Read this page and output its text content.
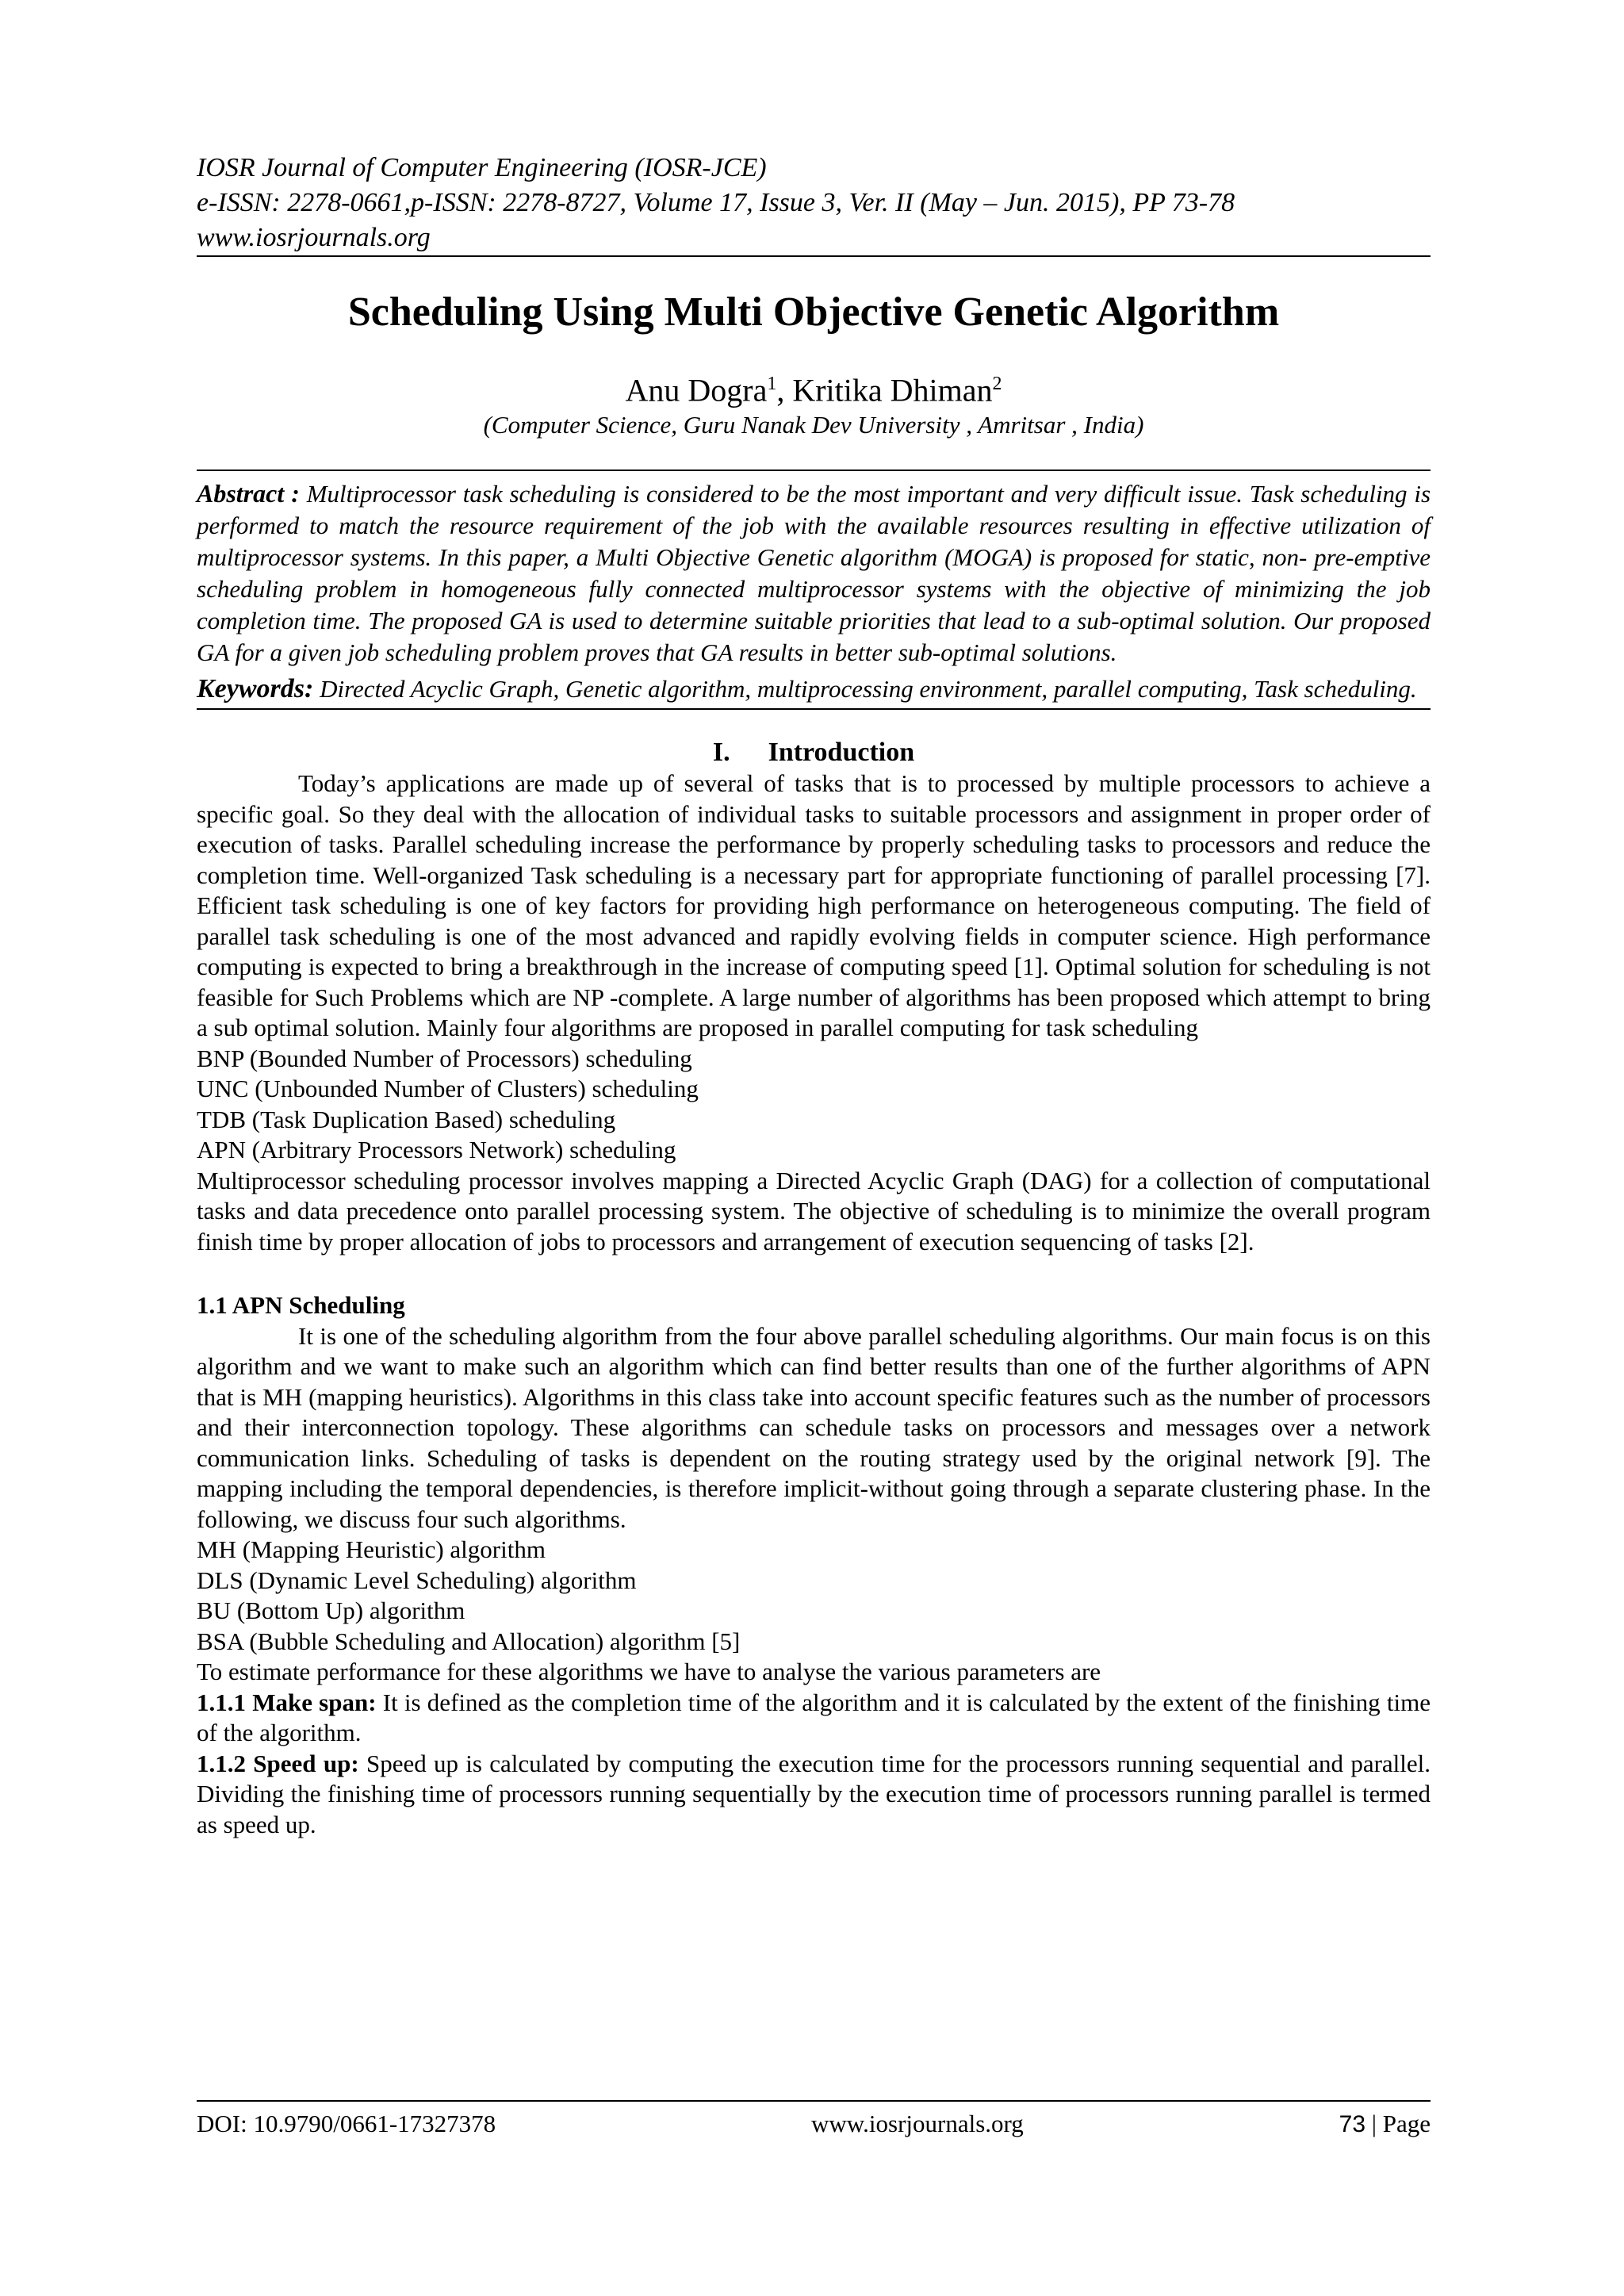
IOSR Journal of Computer Engineering (IOSR-JCE)
e-ISSN: 2278-0661,p-ISSN: 2278-8727, Volume 17, Issue 3, Ver. II (May – Jun. 2015), PP 73-78
www.iosrjournals.org
Scheduling Using Multi Objective Genetic Algorithm
Anu Dogra$^1$, Kritika Dhiman$^2$
(Computer Science, Guru Nanak Dev University , Amritsar , India)
Abstract : Multiprocessor task scheduling is considered to be the most important and very difficult issue. Task scheduling is performed to match the resource requirement of the job with the available resources resulting in effective utilization of multiprocessor systems. In this paper, a Multi Objective Genetic algorithm (MOGA) is proposed for static, non- pre-emptive scheduling problem in homogeneous fully connected multiprocessor systems with the objective of minimizing the job completion time. The proposed GA is used to determine suitable priorities that lead to a sub-optimal solution. Our proposed GA for a given job scheduling problem proves that GA results in better sub-optimal solutions.
Keywords: Directed Acyclic Graph, Genetic algorithm, multiprocessing environment, parallel computing, Task scheduling.
I. Introduction

Today’s applications are made up of several of tasks that is to processed by multiple processors to achieve a specific goal. So they deal with the allocation of individual tasks to suitable processors and assignment in proper order of execution of tasks. Parallel scheduling increase the performance by properly scheduling tasks to processors and reduce the completion time. Well-organized Task scheduling is a necessary part for appropriate functioning of parallel processing [7]. Efficient task scheduling is one of key factors for providing high performance on heterogeneous computing. The field of parallel task scheduling is one of the most advanced and rapidly evolving fields in computer science. High performance computing is expected to bring a breakthrough in the increase of computing speed [1]. Optimal solution for scheduling is not feasible for Such Problems which are NP -complete. A large number of algorithms has been proposed which attempt to bring a sub optimal solution. Mainly four algorithms are proposed in parallel computing for task scheduling

BNP (Bounded Number of Processors) scheduling
UNC (Unbounded Number of Clusters) scheduling
TDB (Task Duplication Based) scheduling
APN (Arbitrary Processors Network) scheduling

Multiprocessor scheduling processor involves mapping a Directed Acyclic Graph (DAG) for a collection of computational tasks and data precedence onto parallel processing system. The objective of scheduling is to minimize the overall program finish time by proper allocation of jobs to processors and arrangement of execution sequencing of tasks [2].

1.1 APN Scheduling

It is one of the scheduling algorithm from the four above parallel scheduling algorithms. Our main focus is on this algorithm and we want to make such an algorithm which can find better results than one of the further algorithms of APN that is MH (mapping heuristics). Algorithms in this class take into account specific features such as the number of processors and their interconnection topology. These algorithms can schedule tasks on processors and messages over a network communication links. Scheduling of tasks is dependent on the routing strategy used by the original network [9]. The mapping including the temporal dependencies, is therefore implicit-without going through a separate clustering phase. In the following, we discuss four such algorithms.

MH (Mapping Heuristic) algorithm
DLS (Dynamic Level Scheduling) algorithm
BU (Bottom Up) algorithm
BSA (Bubble Scheduling and Allocation) algorithm [5]

To estimate performance for these algorithms we have to analyse the various parameters are

1.1.1 Make span: It is defined as the completion time of the algorithm and it is calculated by the extent of the finishing time of the algorithm.

1.1.2 Speed up: Speed up is calculated by computing the execution time for the processors running sequential and parallel. Dividing the finishing time of processors running sequentially by the execution time of processors running parallel is termed as speed up.

DOI: 10.9790/0661-17327378	www.iosrjournals.org	73 | Page
